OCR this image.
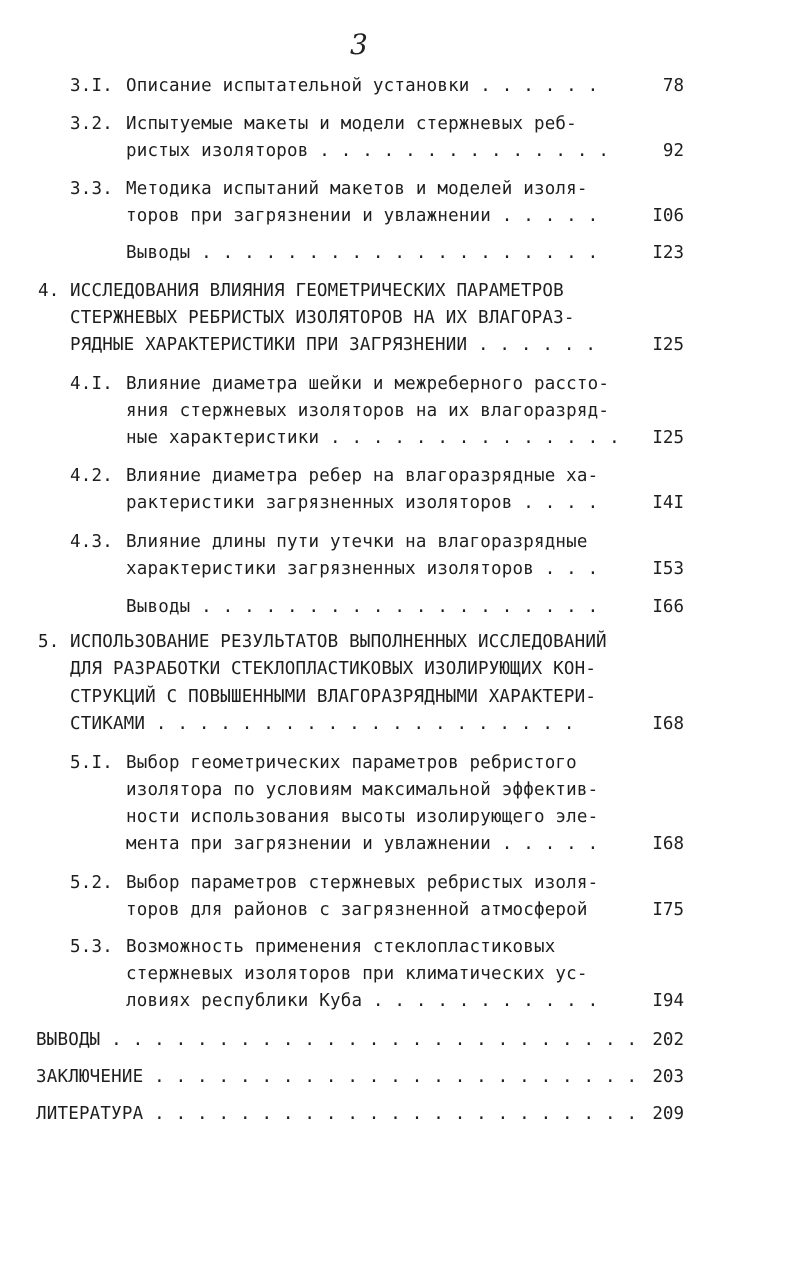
3
3.I. Описание испытательной установки . . . . . .	78
3.2. Испытуемые макеты и модели стержневых реб-
ристых изоляторов . . . . . . . . . . . . . .	92
3.3. Методика испытаний макетов и моделей изоля-
торов при загрязнении и увлажнении . . . . .	I06
Выводы . . . . . . . . . . . . . . . . . . .	I23
4. ИССЛЕДОВАНИЯ ВЛИЯНИЯ ГЕОМЕТРИЧЕСКИХ ПАРАМЕТРОВ
СТЕРЖНЕВЫХ РЕБРИСТЫХ ИЗОЛЯТОРОВ НА ИХ ВЛАГОРАЗ-
РЯДНЫЕ ХАРАКТЕРИСТИКИ ПРИ ЗАГРЯЗНЕНИИ . . . . . .	I25
4.I. Влияние диаметра шейки и межреберного рассто-
яния стержневых изоляторов на их влагоразряд-
ные характеристики . . . . . . . . . . . . . .	I25
4.2. Влияние диаметра ребер на влагоразрядные ха-
рактеристики загрязненных изоляторов . . . .	I4I
4.3. Влияние длины пути утечки на влагоразрядные
характеристики загрязненных изоляторов . . .	I53
Выводы . . . . . . . . . . . . . . . . . . .	I66
5. ИСПОЛЬЗОВАНИЕ РЕЗУЛЬТАТОВ ВЫПОЛНЕННЫХ ИССЛЕДОВАНИЙ
ДЛЯ РАЗРАБОТКИ СТЕКЛОПЛАСТИКОВЫХ ИЗОЛИРУЮЩИХ КОН-
СТРУКЦИЙ С ПОВЫШЕННЫМИ ВЛАГОРАЗРЯДНЫМИ ХАРАКТЕРИ-
СТИКАМИ . . . . . . . . . . . . . . . . . . . .	I68
5.I. Выбор геометрических параметров ребристого
изолятора по условиям максимальной эффектив-
ности использования высоты изолирующего эле-
мента при загрязнении и увлажнении . . . . .	I68
5.2. Выбор параметров стержневых ребристых изоля-
торов для районов с загрязненной атмосферой	I75
5.3. Возможность применения стеклопластиковых
стержневых изоляторов при климатических ус-
ловиях республики Куба . . . . . . . . . . .	I94
ВЫВОДЫ . . . . . . . . . . . . . . . . . . . . . . . . . 202
ЗАКЛЮЧЕНИЕ . . . . . . . . . . . . . . . . . . . . . . . 203
ЛИТЕРАТУРА . . . . . . . . . . . . . . . . . . . . . . . 209
